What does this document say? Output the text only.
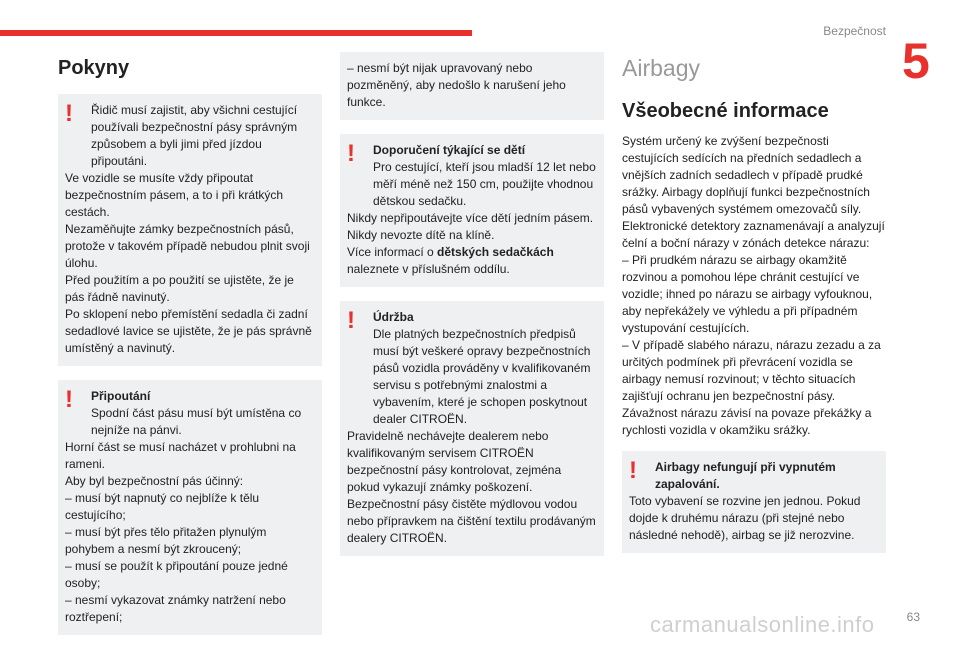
Bezpečnost
5
Pokyny
!	Řidič musí zajistit, aby všichni cestující používali bezpečnostní pásy správným způsobem a byli jimi před jízdou připoutáni.

Ve vozidle se musíte vždy připoutat bezpečnostním pásem, a to i při krátkých cestách.
Nezaměňujte zámky bezpečnostních pásů, protože v takovém případě nebudou plnit svoji úlohu.
Před použitím a po použití se ujistěte, že je pás řádně navinutý.
Po sklopení nebo přemístění sedadla či zadní sedadlové lavice se ujistěte, že je pás správně umístěný a navinutý.

!	Připoutání

Spodní část pásu musí být umístěna co nejníže na pánvi.

Horní část se musí nacházet v prohlubni na rameni.
Aby byl bezpečnostní pás účinný:
– musí být napnutý co nejblíže k tělu cestujícího;
– musí být přes tělo přitažen plynulým pohybem a nesmí být zkroucený;
– musí se použít k připoutání pouze jedné osoby;
– nesmí vykazovat známky natržení nebo roztřepení;

– nesmí být nijak upravovaný nebo pozměněný, aby nedošlo k narušení jeho funkce.

!	Doporučení týkající se dětí

Pro cestující, kteří jsou mladší 12 let nebo měří méně než 150 cm, použijte vhodnou dětskou sedačku.

Nikdy nepřipoutávejte více dětí jedním pásem.
Nikdy nevozte dítě na klíně.
Více informací o dětských sedačkách naleznete v příslušném oddílu.

!	Údržba

Dle platných bezpečnostních předpisů musí být veškeré opravy bezpečnostních pásů vozidla prováděny v kvalifikovaném servisu s potřebnými znalostmi a vybavením, které je schopen poskytnout dealer CITROËN.

Pravidelně nechávejte dealerem nebo kvalifikovaným servisem CITROËN bezpečnostní pásy kontrolovat, zejména pokud vykazují známky poškození.
Bezpečnostní pásy čistěte mýdlovou vodou nebo přípravkem na čištění textilu prodávaným dealery CITROËN.

Airbagy
Všeobecné informace

Systém určený ke zvýšení bezpečnosti cestujících sedících na předních sedadlech a vnějších zadních sedadlech v případě prudké srážky. Airbagy doplňují funkci bezpečnostních pásů vybavených systémem omezovačů síly.
Elektronické detektory zaznamenávají a analyzují čelní a boční nárazy v zónách detekce nárazu:
– Při prudkém nárazu se airbagy okamžitě rozvinou a pomohou lépe chránit cestující ve vozidle; ihned po nárazu se airbagy vyfouknou, aby nepřekážely ve výhledu a při případném vystupování cestujících.
– V případě slabého nárazu, nárazu zezadu a za určitých podmínek při převrácení vozidla se airbagy nemusí rozvinout; v těchto situacích zajišťují ochranu jen bezpečnostní pásy.
Závažnost nárazu závisí na povaze překážky a rychlosti vozidla v okamžiku srážky.

!	Airbagy nefungují při vypnutém zapalování.

Toto vybavení se rozvine jen jednou. Pokud dojde k druhému nárazu (při stejné nebo následné nehodě), airbag se již nerozvine.

carmanualsonline.info	63
